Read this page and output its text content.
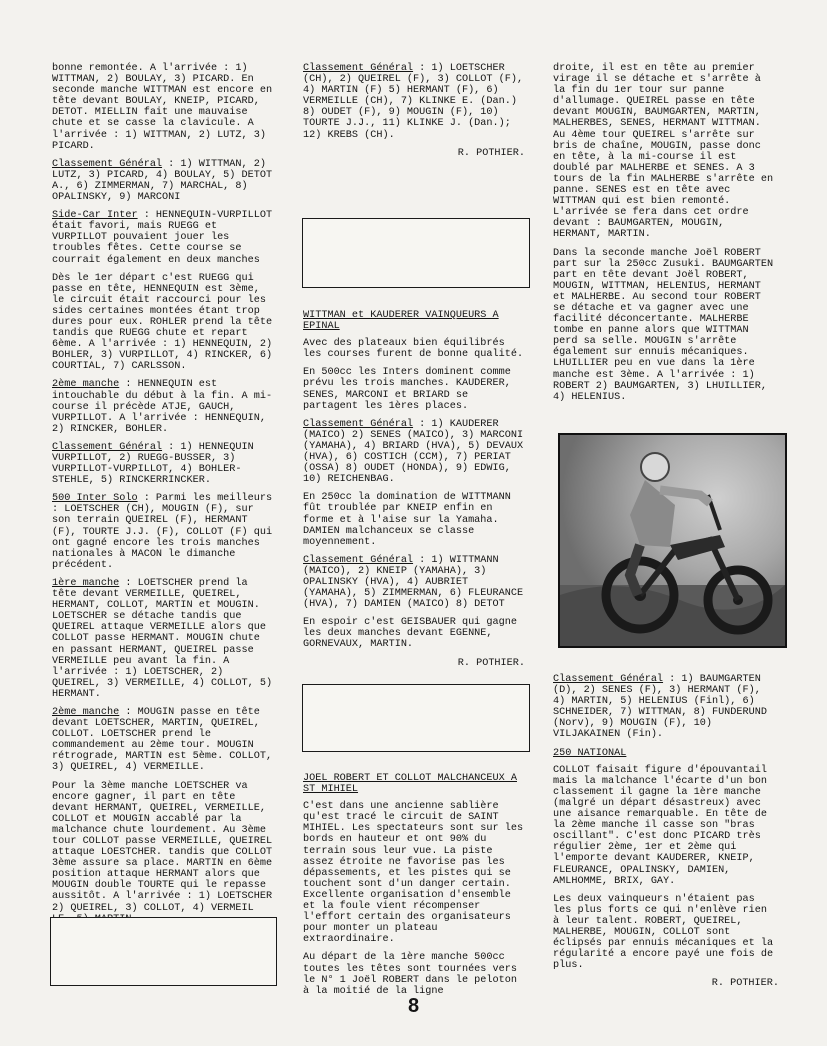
bonne remontée. A l'arrivée : 1) WITTMAN, 2) BOULAY, 3) PICARD. En seconde manche WITTMAN est encore en tête devant BOULAY, KNEIP, PICARD, DETOT. MIELLIN fait une mauvaise chute et se casse la clavicule. A l'arrivée : 1) WITTMAN, 2) LUTZ, 3) PICARD.

Classement Général : 1) WITTMAN, 2) LUTZ, 3) PICARD, 4) BOULAY, 5) DETOT A., 6) ZIMMERMAN, 7) MARCHAL, 8) OPALINSKY, 9) MARCONI

Side-Car Inter : HENNEQUIN-VURPILLOT était favori, mais RUEGG et VURPILLOT pouvaient jouer les troubles fêtes. Cette course se courrait également en deux manches

Dès le 1er départ c'est RUEGG qui passe en tête, HENNEQUIN est 3ème, le circuit était raccourci pour les sides certaines montées étant trop dures pour eux. ROHLER prend la tête tandis que RUEGG chute et repart 6ème. A l'arrivée : 1) HENNEQUIN, 2) BOHLER, 3) VURPILLOT, 4) RINCKER, 6) COURTIAL, 7) CARLSSON.

2ème manche : HENNEQUIN est intouchable du début à la fin. A mi-course il précède ATJE, GAUCH, VURPILLOT. A l'arrivée : HENNEQUIN, 2) RINCKER, BOHLER.

Classement Général : 1) HENNEQUIN VURPILLOT, 2) RUEGG-BUSSER, 3) VURPILLOT-VURPILLOT, 4) BOHLER-STEHLE, 5) RINCKERRINCKER.

500 Inter Solo : Parmi les meilleurs : LOETSCHER (CH), MOUGIN (F), sur son terrain QUEIREL (F), HERMANT (F), TOURTE J.J. (F), COLLOT (F) qui ont gagné encore les trois manches nationales à MACON le dimanche précédent.

1ère manche : LOETSCHER prend la tête devant VERMEILLE, QUEIREL, HERMANT, COLLOT, MARTIN et MOUGIN. LOETSCHER se détache tandis que QUEIREL attaque VERMEILLE alors que COLLOT passe HERMANT. MOUGIN chute en passant HERMANT, QUEIREL passe VERMEILLE peu avant la fin. A l'arrivée : 1) LOETSCHER, 2) QUEIREL, 3) VERMEILLE, 4) COLLOT, 5) HERMANT.

2ème manche : MOUGIN passe en tête devant LOETSCHER, MARTIN, QUEIREL, COLLOT. LOETSCHER prend le commandement au 2ème tour. MOUGIN rétrograde, MARTIN est 5ème. COLLOT, 3) QUEIREL, 4) VERMEILLE.

Pour la 3ème manche LOETSCHER va encore gagner, il part en tête devant HERMANT, QUEIREL, VERMEILLE, COLLOT et MOUGIN accablé par la malchance chute lourdement. Au 3ème tour COLLOT passe VERMEILLE, QUEIREL attaque LOESTCHER. tandis que COLLOT 3ème assure sa place. MARTIN en 6ème position attaque HERMANT alors que MOUGIN double TOURTE qui le repasse aussitôt. A l'arrivée : 1) LOETSCHER 2) QUEIREL, 3) COLLOT, 4) VERMEIL

Classement Général : 1) LOETSCHER (CH), 2) QUEIREL (F), 3) COLLOT (F), 4) MARTIN (F) 5) HERMANT (F), 6) VERMEILLE (CH), 7) KLINKE E. (Dan.) 8) OUDET (F), 9) MOUGIN (F), 10) TOURTE J.J., 11) KLINKE J. (Dan.); 12) KREBS (CH).

R. POTHIER.

WITTMAN et KAUDERER VAINQUEURS A EPINAL

Avec des plateaux bien équilibrés les courses furent de bonne qualité.

En 500cc les Inters dominent comme prévu les trois manches. KAUDERER, SENES, MARCONI et BRIARD se partagent les 1ères places.

Classement Général : 1) KAUDERER (MAICO) 2) SENES (MAICO), 3) MARCONI (YAMAHA), 4) BRIARD (HVA), 5) DEVAUX (HVA), 6) COSTICH (CCM), 7) PERIAT (OSSA) 8) OUDET (HONDA), 9) EDWIG, 10) REICHENBAG.

En 250cc la domination de WITTMANN fût troublée par KNEIP enfin en forme et à l'aise sur la Yamaha. DAMIEN malchanceux se classe moyennement.

Classement Général : 1) WITTMANN (MAICO), 2) KNEIP (YAMAHA), 3) OPALINSKY (HVA), 4) AUBRIET (YAMAHA), 5) ZIMMERMAN, 6) FLEURANCE (HVA), 7) DAMIEN (MAICO) 8) DETOT

En espoir c'est GEISBAUER qui gagne les deux manches devant EGENNE, GORNEVAUX, MARTIN.

R. POTHIER.

JOEL ROBERT ET COLLOT MALCHANCEUX A ST MIHIEL

C'est dans une ancienne sablière qu'est tracé le circuit de SAINT MIHIEL. Les spectateurs sont sur les bords en hauteur et ont 90% du terrain sous leur vue. La piste assez étroite ne favorise pas les dépassements, et les pistes qui se touchent sont d'un danger certain. Excellente organisation d'ensemble et la foule vient récompenser l'effort certain des organisateurs pour monter un plateau extraordinaire.

Au départ de la 1ère manche 500cc toutes les têtes sont tournées vers le N° 1 Joël ROBERT dans le peloton à la moitié de la ligne

droite, il est en tête au premier virage il se détache et s'arrête à la fin du 1er tour sur panne d'allumage. QUEIREL passe en tête devant MOUGIN, BAUMGARTEN, MARTIN, MALHERBES, SENES, HERMANT WITTMAN. Au 4ème tour QUEIREL s'arrête sur bris de chaîne, MOUGIN, passe donc en tête, à la mi-course il est doublé par MALHERBE et SENES. A 3 tours de la fin MALHERBE s'arrête en panne. SENES est en tête avec WITTMAN qui est bien remonté. L'arrivée se fera dans cet ordre devant : BAUMGARTEN, MOUGIN, HERMANT, MARTIN.

Dans la seconde manche Joël ROBERT part sur la 250cc Zusuki. BAUMGARTEN part en tête devant Joël ROBERT, MOUGIN, WITTMAN, HELENIUS, HERMANT et MALHERBE. Au second tour ROBERT se détache et va gagner avec une facilité déconcertante. MALHERBE tombe en panne alors que WITTMAN perd sa selle. MOUGIN s'arrête également sur ennuis mécaniques. LHUILLIER peu en vue dans la 1ère manche est 3ème. A l'arrivée : 1) ROBERT 2) BAUMGARTEN, 3) LHUILLIER, 4) HELENIUS.

Classement Général : 1) BAUMGARTEN (D), 2) SENES (F), 3) HERMANT (F), 4) MARTIN, 5) HELENIUS (Finl), 6) SCHNEIDER, 7) WITTMAN, 8) FUNDERUND (Norv), 9) MOUGIN (F), 10) VILJAKAINEN (Fin).

250 NATIONAL

COLLOT faisait figure d'épouvantail mais la malchance l'écarte d'un bon classement il gagne la 1ère manche (malgré un départ désastreux) avec une aisance remarquable. En tête de la 2ème manche il casse son "bras oscillant". C'est donc PICARD très régulier 2ème, 1er et 2ème qui l'emporte devant KAUDERER, KNEIP, FLEURANCE, OPALINSKY, DAMIEN, AMLHOMME, BRIX, GAY.

Les deux vainqueurs n'étaient pas les plus forts ce qui n'enlève rien à leur talent. ROBERT, QUEIREL, MALHERBE, MOUGIN, COLLOT sont éclipsés par ennuis mécaniques et la régularité a encore payé une fois de plus.

R. POTHIER.

8
